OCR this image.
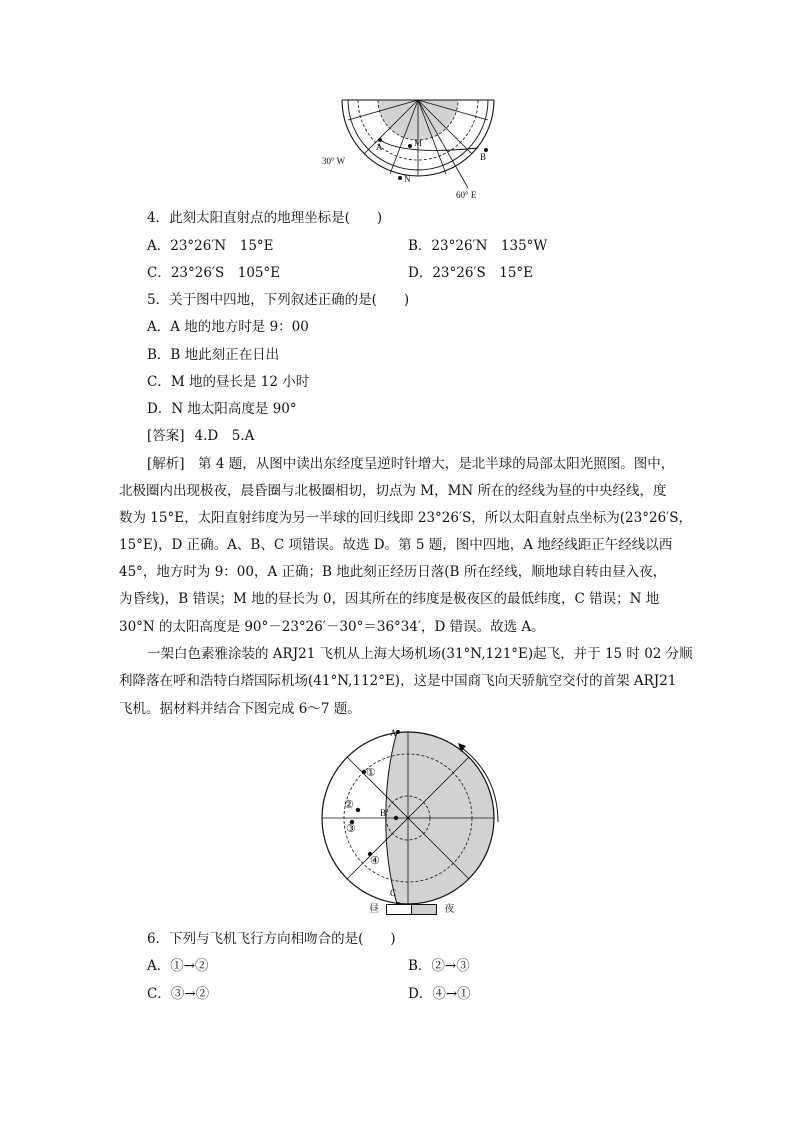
A	M
N
B
30° W
60° E
4．此刻太阳直射点的地理坐标是(　　)
A．23°26′N　15°E	B．23°26′N　135°W
C．23°26′S　105°E	D．23°26′S　15°E
5．关于图中四地，下列叙述正确的是(　　)
A．A 地的地方时是 9：00
B．B 地此刻正在日出
C．M 地的昼长是 12 小时
D．N 地太阳高度是 90°
[答案] 4.D　5.A
[解析]　第 4 题，从图中读出东经度呈逆时针增大，是北半球的局部太阳光照图。图中，
北极圈内出现极夜，晨昏圈与北极圈相切，切点为 M，MN 所在的经线为昼的中央经线，度
数为 15°E，太阳直射纬度为另一半球的回归线即 23°26′S，所以太阳直射点坐标为(23°26′S，
15°E)，D 正确。A、B、C 项错误。故选 D。第 5 题，图中四地，A 地经线距正午经线以西
45°，地方时为 9：00，A 正确；B 地此刻正经历日落(B 所在经线，顺地球自转由昼入夜，
为昏线)，B 错误；M 地的昼长为 0，因其所在的纬度是极夜区的最低纬度，C 错误；N 地
30°N 的太阳高度是 90°－23°26′－30°＝36°34′，D 错误。故选 A。
一架白色素雅涂装的 ARJ21 飞机从上海大场机场(31°N,121°E)起飞，并于 15 时 02 分顺
利降落在呼和浩特白塔国际机场(41°N,112°E)，这是中国商飞向天骄航空交付的首架 ARJ21
飞机。据材料并结合下图完成 6～7 题。
①
②
③
④
A
B
C
昼	夜
6．下列与飞机飞行方向相吻合的是(　　)
A．①→②	B．②→③
C．③→②	D．④→①
